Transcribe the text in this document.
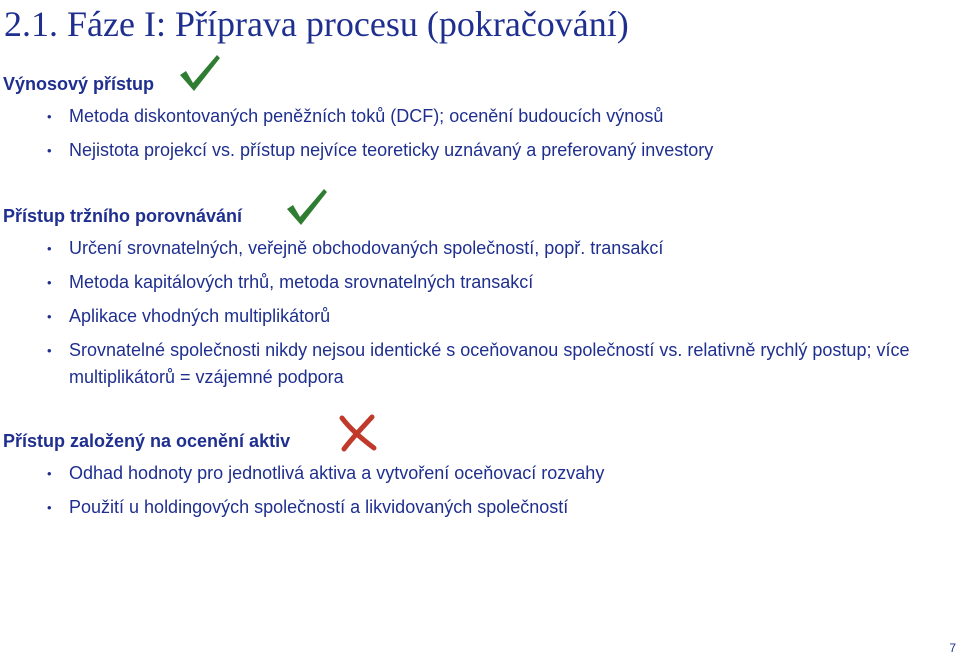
2.1. Fáze I: Příprava procesu (pokračování)
Výnosový přístup
• Metoda diskontovaných peněžních toků (DCF); ocenění budoucích výnosů
• Nejistota projekcí vs. přístup nejvíce teoreticky uznávaný a preferovaný investory
Přístup tržního porovnávání
• Určení srovnatelných, veřejně obchodovaných společností, popř. transakcí
• Metoda kapitálových trhů, metoda srovnatelných transakcí
• Aplikace vhodných multiplikátorů
• Srovnatelné společnosti nikdy nejsou identické s oceňovanou společností vs. relativně rychlý postup; více multiplikátorů = vzájemné podpora
Přístup založený na ocenění aktiv
• Odhad hodnoty pro jednotlivá aktiva a vytvoření oceňovací rozvahy
• Použití u holdingových společností a likvidovaných společností
7
